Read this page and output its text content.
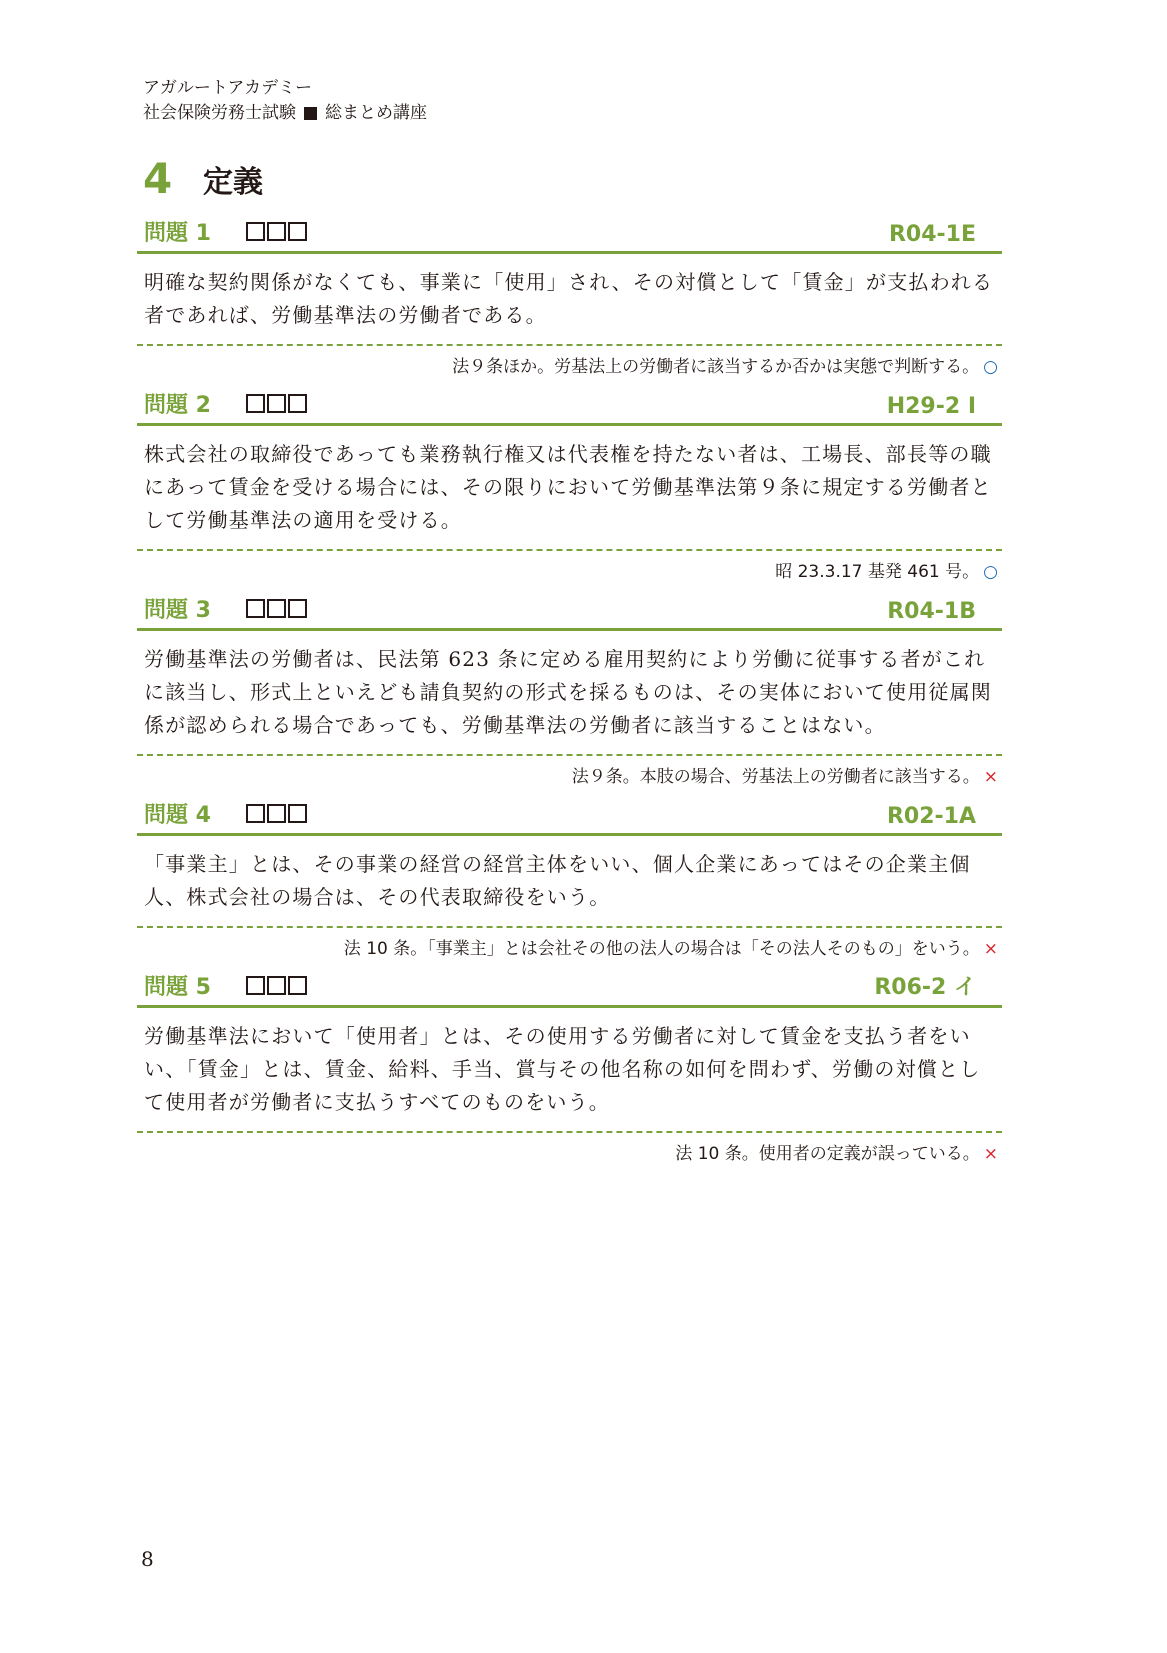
アガルートアカデミー
社会保険労務士試験 総まとめ講座
4	定義
問題 1	R04-1E
明確な契約関係がなくても、事業に「使用」され、その対償として「賃金」が支払われる者であれば、労働基準法の労働者である。
法９条ほか。労基法上の労働者に該当するか否かは実態で判断する。 ○
問題 2	H29-2 I
株式会社の取締役であっても業務執行権又は代表権を持たない者は、工場長、部長等の職にあって賃金を受ける場合には、その限りにおいて労働基準法第９条に規定する労働者として労働基準法の適用を受ける。
昭 23.3.17 基発 461 号。 ○
問題 3	R04-1B
労働基準法の労働者は、民法第 623 条に定める雇用契約により労働に従事する者がこれに該当し、形式上といえども請負契約の形式を採るものは、その実体において使用従属関係が認められる場合であっても、労働基準法の労働者に該当することはない。
法９条。本肢の場合、労基法上の労働者に該当する。 ×
問題 4	R02-1A
「事業主」とは、その事業の経営の経営主体をいい、個人企業にあってはその企業主個人、株式会社の場合は、その代表取締役をいう。
法 10 条。「事業主」とは会社その他の法人の場合は「その法人そのもの」をいう。 ×
問題 5	R06-2 イ
労働基準法において「使用者」とは、その使用する労働者に対して賃金を支払う者をいい、「賃金」とは、賃金、給料、手当、賞与その他名称の如何を問わず、労働の対償として使用者が労働者に支払うすべてのものをいう。
法 10 条。使用者の定義が誤っている。 ×
8
